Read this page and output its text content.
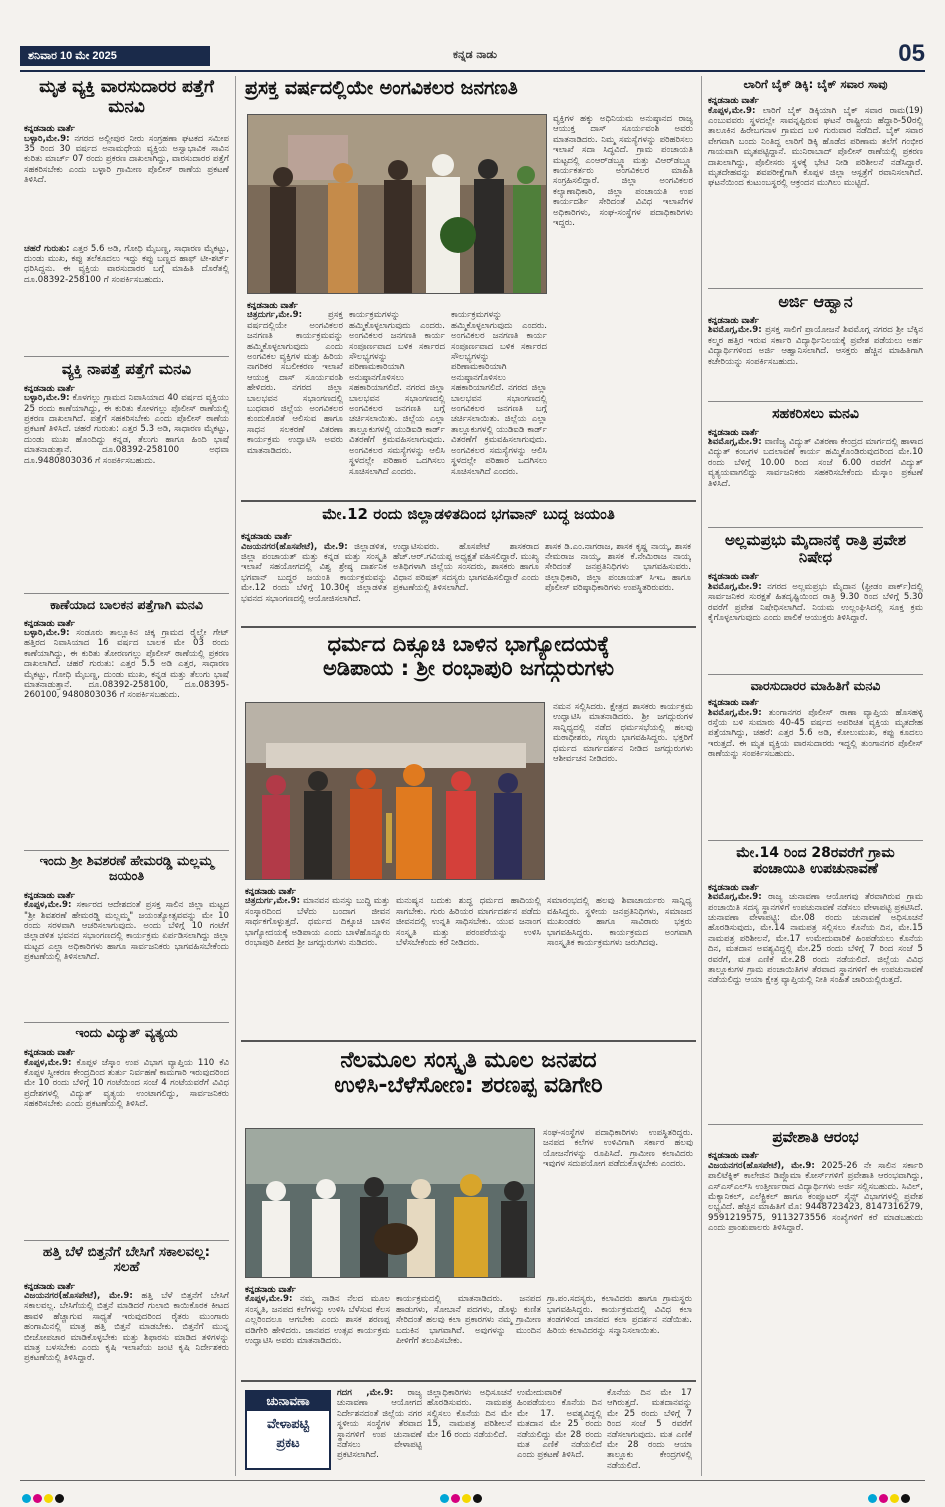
ಶನಿವಾರ 10 ಮೇ 2025	ಕನ್ನಡ ನಾಡು	05
ಮೃತ ವ್ಯಕ್ತಿ ವಾರಸುದಾರರ ಪತ್ತೆಗೆ ಮನವಿ
ಕನ್ನಡನಾಡು ವಾರ್ತೆ
ಬಳ್ಳಾರಿ,ಮೇ.9: ನಗರದ ಅಲ್ಲೀಪುರ ನೀರು ಸಂಗ್ರಹಣಾ ಘಟಕದ ಸಮೀಪ 35 ರಿಂದ 30 ವರ್ಷದ ಅನಾಮಧೇಯ ವ್ಯಕ್ತಿಯ ಅಸ್ವಾಭಾವಿಕ ಸಾವಿನ ಕುರಿತು ಮಾರ್ಚ್ 07 ರಂದು ಪ್ರಕರಣ ದಾಖಲಾಗಿದ್ದು, ವಾರಸುದಾರರ ಪತ್ತೆಗೆ ಸಹಕರಿಸಬೇಕು ಎಂದು ಬಳ್ಳಾರಿ ಗ್ರಾಮೀಣ ಪೊಲೀಸ್ ಠಾಣೆಯ ಪ್ರಕಟಣೆ ತಿಳಿಸಿದೆ.
ಚಹರೆ ಗುರುತು: ಎತ್ತರ 5.6 ಅಡಿ, ಗೋಧಿ ಮೈಬಣ್ಣ, ಸಾಧಾರಣ ಮೈಕಟ್ಟು, ದುಂಡು ಮುಖ, ಕಪ್ಪು ತಲೆಕೂದಲು ಇದ್ದು ಕಪ್ಪು ಬಣ್ಣದ ಹಾಫ್ ಟೀ-ಶರ್ಟ್ ಧರಿಸಿದ್ದನು. ಈ ವ್ಯಕ್ತಿಯ ವಾರಸುದಾರರ ಬಗ್ಗೆ ಮಾಹಿತಿ ದೊರೆತಲ್ಲಿ ದೂ.08392-258100 ಗೆ ಸಂಪರ್ಕಿಸಬಹುದು.
ವ್ಯಕ್ತಿ ನಾಪತ್ತೆ ಪತ್ತೆಗೆ ಮನವಿ
ಕನ್ನಡನಾಡು ವಾರ್ತೆ
ಬಳ್ಳಾರಿ,ಮೇ.9: ಕೊಳಗಲ್ಲು ಗ್ರಾಮದ ನಿವಾಸಿಯಾದ 40 ವರ್ಷದ ವ್ಯಕ್ತಿಯು 25 ರಂದು ಕಾಣೆಯಾಗಿದ್ದು, ಈ ಕುರಿತು ಕೋಳಗಲ್ಲು ಪೊಲೀಸ್ ಠಾಣೆಯಲ್ಲಿ ಪ್ರಕರಣ ದಾಖಲಾಗಿದೆ. ಪತ್ತೆಗೆ ಸಹಕರಿಸಬೇಕು ಎಂದು ಪೊಲೀಸ್ ಠಾಣೆಯ ಪ್ರಕಟಣೆ ತಿಳಿಸಿದೆ. ಚಹರೆ ಗುರುತು: ಎತ್ತರ 5.3 ಅಡಿ, ಸಾಧಾರಣ ಮೈಕಟ್ಟು, ದುಂಡು ಮುಖ ಹೊಂದಿದ್ದು ಕನ್ನಡ, ತೆಲುಗು ಹಾಗೂ ಹಿಂದಿ ಭಾಷೆ ಮಾತನಾಡುತ್ತಾನೆ. ದೂ.08392-258100 ಅಥವಾ ದೂ.9480803036 ಗೆ ಸಂಪರ್ಕಿಸಬಹುದು.
ಕಾಣೆಯಾದ ಬಾಲಕನ ಪತ್ತೆಗಾಗಿ ಮನವಿ
ಕನ್ನಡನಾಡು ವಾರ್ತೆ
ಬಳ್ಳಾರಿ,ಮೇ.9: ಸಂಡೂರು ತಾಲ್ಲೂಕಿನ ಚಿಕ್ಕ ಗ್ರಾಮದ ರೈಲ್ವೇ ಗೇಟ್ ಹತ್ತಿರದ ನಿವಾಸಿಯಾದ 16 ವರ್ಷದ ಬಾಲಕ ಮೇ 03 ರಂದು ಕಾಣೆಯಾಗಿದ್ದು, ಈ ಕುರಿತು ತೋರಣಗಲ್ಲು ಪೊಲೀಸ್ ಠಾಣೆಯಲ್ಲಿ ಪ್ರಕರಣ ದಾಖಲಾಗಿದೆ. ಚಹರೆ ಗುರುತು: ಎತ್ತರ 5.5 ಅಡಿ ಎತ್ತರ, ಸಾಧಾರಣ ಮೈಕಟ್ಟು, ಗೋಧಿ ಮೈಬಣ್ಣ, ದುಂಡು ಮುಖ, ಕನ್ನಡ ಮತ್ತು ತೆಲುಗು ಭಾಷೆ ಮಾತನಾಡುತ್ತಾನೆ. ದೂ.08392-258100, ದೂ.08395-260100, 9480803036 ಗೆ ಸಂಪರ್ಕಿಸಬಹುದು.
ಇಂದು ಶ್ರೀ ಶಿವಶರಣೆ ಹೇಮರಡ್ಡಿ ಮಲ್ಲಮ್ಮ ಜಯಂತಿ
ಕನ್ನಡನಾಡು ವಾರ್ತೆ
ಕೊಪ್ಪಳ,ಮೇ.9: ಸರ್ಕಾರದ ಆದೇಶದಂತೆ ಪ್ರಸಕ್ತ ಸಾಲಿನ ಜಿಲ್ಲಾ ಮಟ್ಟದ "ಶ್ರೀ ಶಿವಶರಣೆ ಹೇಮರಡ್ಡಿ ಮಲ್ಲಮ್ಮ" ಜಯಂತ್ಯೋತ್ಸವವನ್ನು ಮೇ 10 ರಂದು ಸರಳವಾಗಿ ಆಚರಿಸಲಾಗುವುದು. ಅಂದು ಬೆಳಿಗ್ಗೆ 10 ಗಂಟೆಗೆ ಜಿಲ್ಲಾಡಳಿತ ಭವನದ ಸಭಾಂಗಣದಲ್ಲಿ ಕಾರ್ಯಕ್ರಮ ಏರ್ಪಡಿಸಲಾಗಿದ್ದು ಜಿಲ್ಲಾ ಮಟ್ಟದ ಎಲ್ಲಾ ಅಧಿಕಾರಿಗಳು ಹಾಗೂ ಸಾರ್ವಜನಿಕರು ಭಾಗವಹಿಸಬೇಕೆಂದು ಪ್ರಕಟಣೆಯಲ್ಲಿ ತಿಳಿಸಲಾಗಿದೆ.
ಇಂದು ವಿದ್ಯುತ್ ವ್ಯತ್ಯಯ
ಕನ್ನಡನಾಡು ವಾರ್ತೆ
ಕೊಪ್ಪಳ,ಮೇ.9: ಕೊಪ್ಪಳ ಜೆಸ್ಕಾಂ ಉಪ ವಿಭಾಗ ವ್ಯಾಪ್ತಿಯ 110 ಕೆವಿ ಕೊಪ್ಪಳ ಸ್ವೀಕರಣ ಕೇಂದ್ರದಿಂದ ತುರ್ತು ನಿರ್ವಹಣೆ ಕಾಮಗಾರಿ ಇರುವುದರಿಂದ ಮೇ 10 ರಂದು ಬೆಳಿಗ್ಗೆ 10 ಗಂಟೆಯಿಂದ ಸಂಜೆ 4 ಗಂಟೆಯವರೆಗೆ ವಿವಿಧ ಪ್ರದೇಶಗಳಲ್ಲಿ ವಿದ್ಯುತ್ ವ್ಯತ್ಯಯ ಉಂಟಾಗಲಿದ್ದು, ಸಾರ್ವಜನಿಕರು ಸಹಕರಿಸಬೇಕು ಎಂದು ಪ್ರಕಟಣೆಯಲ್ಲಿ ತಿಳಿಸಿದೆ.
ಹತ್ತಿ ಬೆಳೆ ಬಿತ್ತನೆಗೆ ಬೇಸಿಗೆ ಸಕಾಲವಲ್ಲ: ಸಲಹೆ
ಕನ್ನಡನಾಡು ವಾರ್ತೆ
ವಿಜಯನಗರ(ಹೊಸಪೇಟೆ), ಮೇ.9: ಹತ್ತಿ ಬೆಳೆ ಬಿತ್ತನೆಗೆ ಬೇಸಿಗೆ ಸಕಾಲವಲ್ಲ. ಬೇಸಿಗೆಯಲ್ಲಿ ಬಿತ್ತನೆ ಮಾಡಿದರೆ ಗುಲಾಬಿ ಕಾಯಿಕೊರಕ ಕೀಟದ ಹಾವಳಿ ಹೆಚ್ಚಾಗುವ ಸಾಧ್ಯತೆ ಇರುವುದರಿಂದ ರೈತರು ಮುಂಗಾರು ಹಂಗಾಮಿನಲ್ಲಿ ಮಾತ್ರ ಹತ್ತಿ ಬಿತ್ತನೆ ಮಾಡಬೇಕು. ಬಿತ್ತನೆಗೆ ಮುನ್ನ ಬೀಜೋಪಚಾರ ಮಾಡಿಕೊಳ್ಳಬೇಕು ಮತ್ತು ಶಿಫಾರಸು ಮಾಡಿದ ತಳಿಗಳನ್ನು ಮಾತ್ರ ಬಳಸಬೇಕು ಎಂದು ಕೃಷಿ ಇಲಾಖೆಯ ಜಂಟಿ ಕೃಷಿ ನಿರ್ದೇಶಕರು ಪ್ರಕಟಣೆಯಲ್ಲಿ ತಿಳಿಸಿದ್ದಾರೆ.
ಪ್ರಸಕ್ತ ವರ್ಷದಲ್ಲಿಯೇ ಅಂಗವಿಕಲರ ಜನಗಣತಿ
ವ್ಯಕ್ತಿಗಳ ಹಕ್ಕು ಅಧಿನಿಯಮ ಅನುಷ್ಠಾನದ ರಾಜ್ಯ ಆಯುಕ್ತ ದಾಸ್ ಸೂರ್ಯವಂಶಿ ಅವರು ಮಾತನಾಡಿದರು. ನಿಮ್ಮ ಸಮಸ್ಯೆಗಳನ್ನು ಪರಿಹರಿಸಲು ಇಲಾಖೆ ಸದಾ ಸಿದ್ಧವಿದೆ. ಗ್ರಾಮ ಪಂಚಾಯತಿ ಮಟ್ಟದಲ್ಲಿ ಎಂಆರ್‌ಡಬ್ಲ್ಯೂ ಮತ್ತು ವಿಆರ್‌ಡಬ್ಲ್ಯೂ ಕಾರ್ಯಕರ್ತರು ಅಂಗವಿಕಲರ ಮಾಹಿತಿ ಸಂಗ್ರಹಿಸಲಿದ್ದಾರೆ. ಜಿಲ್ಲಾ ಅಂಗವಿಕಲರ ಕಲ್ಯಾಣಾಧಿಕಾರಿ, ಜಿಲ್ಲಾ ಪಂಚಾಯತಿ ಉಪ ಕಾರ್ಯದರ್ಶಿ ಸೇರಿದಂತೆ ವಿವಿಧ ಇಲಾಖೆಗಳ ಅಧಿಕಾರಿಗಳು, ಸಂಘ-ಸಂಸ್ಥೆಗಳ ಪದಾಧಿಕಾರಿಗಳು ಇದ್ದರು.
ಕನ್ನಡನಾಡು ವಾರ್ತೆ
ಚಿತ್ರದುರ್ಗ,ಮೇ.9:	ಪ್ರಸಕ್ತ ವರ್ಷದಲ್ಲಿಯೇ ಅಂಗವಿಕಲರ ಜನಗಣತಿ ಕಾರ್ಯಕ್ರಮವನ್ನು ಹಮ್ಮಿಕೊಳ್ಳಲಾಗುವುದು ಎಂದು ಅಂಗವಿಕಲ ವ್ಯಕ್ತಿಗಳ ಮತ್ತು ಹಿರಿಯ ನಾಗರಿಕರ ಸಬಲೀಕರಣ ಇಲಾಖೆ ಆಯುಕ್ತ ದಾಸ್ ಸೂರ್ಯವಂಶಿ ಹೇಳಿದರು. ನಗರದ ಜಿಲ್ಲಾ ಬಾಲಭವನ ಸಭಾಂಗಣದಲ್ಲಿ ಬುಧವಾರ ಜಿಲ್ಲೆಯ ಅಂಗವಿಕಲರ ಕುಂದುಕೊರತೆ ಆಲಿಸುವ ಹಾಗೂ ಸಾಧನ ಸಲಕರಣೆ ವಿತರಣಾ ಕಾರ್ಯಕ್ರಮ ಉದ್ಘಾಟಿಸಿ ಅವರು ಮಾತನಾಡಿದರು.
ಕಾರ್ಯಕ್ರಮಗಳನ್ನು ಹಮ್ಮಿಕೊಳ್ಳಲಾಗುವುದು ಎಂದರು. ಅಂಗವಿಕಲರ ಜನಗಣತಿ ಕಾರ್ಯ ಸಂಪೂರ್ಣವಾದ ಬಳಿಕ ಸರ್ಕಾರದ ಸೌಲಭ್ಯಗಳನ್ನು ಪರಿಣಾಮಕಾರಿಯಾಗಿ ಅನುಷ್ಠಾನಗೊಳಿಸಲು ಸಹಕಾರಿಯಾಗಲಿದೆ. ನಗರದ ಜಿಲ್ಲಾ ಬಾಲಭವನ ಸಭಾಂಗಣದಲ್ಲಿ ಅಂಗವಿಕಲರ ಜನಗಣತಿ ಬಗ್ಗೆ ಚರ್ಚಿಸಲಾಯಿತು. ಜಿಲ್ಲೆಯ ಎಲ್ಲಾ ತಾಲ್ಲೂಕುಗಳಲ್ಲಿ ಯುಡಿಐಡಿ ಕಾರ್ಡ್ ವಿತರಣೆಗೆ ಕ್ರಮವಹಿಸಲಾಗುವುದು. ಅಂಗವಿಕಲರ ಸಮಸ್ಯೆಗಳನ್ನು ಆಲಿಸಿ ಸ್ಥಳದಲ್ಲೇ ಪರಿಹಾರ ಒದಗಿಸಲು ಸೂಚಿಸಲಾಗಿದೆ ಎಂದರು.
ಕಾರ್ಯಕ್ರಮಗಳನ್ನು ಹಮ್ಮಿಕೊಳ್ಳಲಾಗುವುದು ಎಂದರು. ಅಂಗವಿಕಲರ ಜನಗಣತಿ ಕಾರ್ಯ ಸಂಪೂರ್ಣವಾದ ಬಳಿಕ ಸರ್ಕಾರದ ಸೌಲಭ್ಯಗಳನ್ನು ಪರಿಣಾಮಕಾರಿಯಾಗಿ ಅನುಷ್ಠಾನಗೊಳಿಸಲು ಸಹಕಾರಿಯಾಗಲಿದೆ. ನಗರದ ಜಿಲ್ಲಾ ಬಾಲಭವನ ಸಭಾಂಗಣದಲ್ಲಿ ಅಂಗವಿಕಲರ ಜನಗಣತಿ ಬಗ್ಗೆ ಚರ್ಚಿಸಲಾಯಿತು. ಜಿಲ್ಲೆಯ ಎಲ್ಲಾ ತಾಲ್ಲೂಕುಗಳಲ್ಲಿ ಯುಡಿಐಡಿ ಕಾರ್ಡ್ ವಿತರಣೆಗೆ ಕ್ರಮವಹಿಸಲಾಗುವುದು. ಅಂಗವಿಕಲರ ಸಮಸ್ಯೆಗಳನ್ನು ಆಲಿಸಿ ಸ್ಥಳದಲ್ಲೇ ಪರಿಹಾರ ಒದಗಿಸಲು ಸೂಚಿಸಲಾಗಿದೆ ಎಂದರು.
ಮೇ.12 ರಂದು ಜಿಲ್ಲಾಡಳಿತದಿಂದ ಭಗವಾನ್ ಬುದ್ಧ ಜಯಂತಿ
ಕನ್ನಡನಾಡು ವಾರ್ತೆ
ವಿಜಯನಗರ(ಹೊಸಪೇಟೆ), ಮೇ.9: ಜಿಲ್ಲಾಡಳಿತ, ಜಿಲ್ಲಾ ಪಂಚಾಯತ್ ಮತ್ತು ಕನ್ನಡ ಮತ್ತು ಸಂಸ್ಕೃತಿ ಇಲಾಖೆ ಸಹಯೋಗದಲ್ಲಿ ವಿಶ್ವ ಶ್ರೇಷ್ಠ ದಾರ್ಶನಿಕ ಭಗವಾನ್ ಬುದ್ಧರ ಜಯಂತಿ ಕಾರ್ಯಕ್ರಮವನ್ನು ಮೇ.12 ರಂದು ಬೆಳಿಗ್ಗೆ 10.30ಕ್ಕೆ ಜಿಲ್ಲಾಡಳಿತ ಭವನದ ಸಭಾಂಗಣದಲ್ಲಿ ಆಯೋಜಿಸಲಾಗಿದೆ.
ಉದ್ಘಾಟಿಸುವರು. ಹೊಸಪೇಟೆ ಶಾಸಕರಾದ ಹೆಚ್.ಆರ್.ಗವಿಯಪ್ಪ ಅಧ್ಯಕ್ಷತೆ ವಹಿಸಲಿದ್ದಾರೆ. ಮುಖ್ಯ ಅತಿಥಿಗಳಾಗಿ ಜಿಲ್ಲೆಯ ಸಂಸದರು, ಶಾಸಕರು ಹಾಗೂ ವಿಧಾನ ಪರಿಷತ್ ಸದಸ್ಯರು ಭಾಗವಹಿಸಲಿದ್ದಾರೆ ಎಂದು ಪ್ರಕಟಣೆಯಲ್ಲಿ ತಿಳಿಸಲಾಗಿದೆ.
ಶಾಸಕ ಡಿ.ಎಂ.ನಾಗರಾಜ, ಶಾಸಕ ಕೃಷ್ಣ ನಾಯ್ಕ, ಶಾಸಕ ನೇಮರಾಜ ನಾಯ್ಕ, ಶಾಸಕ ಕೆ.ನೇಮಿರಾಜ ನಾಯ್ಕ ಸೇರಿದಂತೆ ಜನಪ್ರತಿನಿಧಿಗಳು ಭಾಗವಹಿಸುವರು. ಜಿಲ್ಲಾಧಿಕಾರಿ, ಜಿಲ್ಲಾ ಪಂಚಾಯತ್ ಸಿಇಒ ಹಾಗೂ ಪೊಲೀಸ್ ವರಿಷ್ಠಾಧಿಕಾರಿಗಳು ಉಪಸ್ಥಿತರಿರುವರು.
ಧರ್ಮದ ದಿಕ್ಸೂಚಿ ಬಾಳಿನ ಭಾಗ್ಯೋದಯಕ್ಕೆ
ಅಡಿಪಾಯ : ಶ್ರೀ ರಂಭಾಪುರಿ ಜಗದ್ಗುರುಗಳು
ನಮನ ಸಲ್ಲಿಸಿದರು. ಕ್ಷೇತ್ರದ ಶಾಸಕರು ಕಾರ್ಯಕ್ರಮ ಉದ್ಘಾಟಿಸಿ ಮಾತನಾಡಿದರು. ಶ್ರೀ ಜಗದ್ಗುರುಗಳ ಸಾನ್ನಿಧ್ಯದಲ್ಲಿ ನಡೆದ ಧರ್ಮಸಭೆಯಲ್ಲಿ ಹಲವು ಮಠಾಧೀಶರು, ಗಣ್ಯರು ಭಾಗವಹಿಸಿದ್ದರು. ಭಕ್ತರಿಗೆ ಧರ್ಮದ ಮಾರ್ಗದರ್ಶನ ನೀಡಿದ ಜಗದ್ಗುರುಗಳು ಆಶೀರ್ವಚನ ನೀಡಿದರು.
ಕನ್ನಡನಾಡು ವಾರ್ತೆ
ಚಿತ್ರದುರ್ಗ,ಮೇ.9: ಮಾನವನ ಮನಸ್ಸು ಬುದ್ಧಿ ಮತ್ತು ಸಂಸ್ಕಾರದಿಂದ ಬೆಳೆದು ಬಂದಾಗ ಜೀವನ ಸಾರ್ಥಕಗೊಳ್ಳುತ್ತದೆ. ಧರ್ಮದ ದಿಕ್ಸೂಚಿ ಬಾಳಿನ ಭಾಗ್ಯೋದಯಕ್ಕೆ ಅಡಿಪಾಯ ಎಂದು ಬಾಳೆಹೊನ್ನೂರು ರಂಭಾಪುರಿ ಪೀಠದ ಶ್ರೀ ಜಗದ್ಗುರುಗಳು ನುಡಿದರು.
ಮನುಷ್ಯನ ಬದುಕು ಶುದ್ಧ ಧರ್ಮದ ಹಾದಿಯಲ್ಲಿ ಸಾಗಬೇಕು. ಗುರು ಹಿರಿಯರ ಮಾರ್ಗದರ್ಶನ ಪಡೆದು ಜೀವನದಲ್ಲಿ ಉನ್ನತಿ ಸಾಧಿಸಬೇಕು. ಯುವ ಜನಾಂಗ ಸಂಸ್ಕೃತಿ ಮತ್ತು ಪರಂಪರೆಯನ್ನು ಉಳಿಸಿ ಬೆಳೆಸಬೇಕೆಂದು ಕರೆ ನೀಡಿದರು.
ಸಮಾರಂಭದಲ್ಲಿ ಹಲವು ಶಿವಾಚಾರ್ಯರು ಸಾನ್ನಿಧ್ಯ ವಹಿಸಿದ್ದರು. ಸ್ಥಳೀಯ ಜನಪ್ರತಿನಿಧಿಗಳು, ಸಮಾಜದ ಮುಖಂಡರು ಹಾಗೂ ಸಾವಿರಾರು ಭಕ್ತರು ಭಾಗವಹಿಸಿದ್ದರು. ಕಾರ್ಯಕ್ರಮದ ಅಂಗವಾಗಿ ಸಾಂಸ್ಕೃತಿಕ ಕಾರ್ಯಕ್ರಮಗಳು ಜರುಗಿದವು.
ನೆಲಮೂಲ ಸಂಸ್ಕೃತಿ ಮೂಲ ಜನಪದ
ಉಳಿಸಿ-ಬೆಳೆಸೋಣ: ಶರಣಪ್ಪ ವಡಿಗೇರಿ
ಸಂಘ-ಸಂಸ್ಥೆಗಳ ಪದಾಧಿಕಾರಿಗಳು ಉಪಸ್ಥಿತರಿದ್ದರು. ಜನಪದ ಕಲೆಗಳ ಉಳಿವಿಗಾಗಿ ಸರ್ಕಾರ ಹಲವು ಯೋಜನೆಗಳನ್ನು ರೂಪಿಸಿದೆ. ಗ್ರಾಮೀಣ ಕಲಾವಿದರು ಇವುಗಳ ಸದುಪಯೋಗ ಪಡೆದುಕೊಳ್ಳಬೇಕು ಎಂದರು.
ಕನ್ನಡನಾಡು ವಾರ್ತೆ
ಕೊಪ್ಪಳ,ಮೇ.9: ನಮ್ಮ ನಾಡಿನ ನೆಲದ ಮೂಲ ಸಂಸ್ಕೃತಿ, ಜನಪದ ಕಲೆಗಳನ್ನು ಉಳಿಸಿ ಬೆಳೆಸುವ ಕೆಲಸ ಎಲ್ಲರಿಂದಲೂ ಆಗಬೇಕು ಎಂದು ಶಾಸಕ ಶರಣಪ್ಪ ವಡಿಗೇರಿ ಹೇಳಿದರು. ಜಾನಪದ ಉತ್ಸವ ಕಾರ್ಯಕ್ರಮ ಉದ್ಘಾಟಿಸಿ ಅವರು ಮಾತನಾಡಿದರು.
ಕಾರ್ಯಕ್ರಮದಲ್ಲಿ ಮಾತನಾಡಿದರು. ಜನಪದ ಹಾಡುಗಳು, ಸೋಬಾನೆ ಪದಗಳು, ಡೊಳ್ಳು ಕುಣಿತ ಸೇರಿದಂತೆ ಹಲವು ಕಲಾ ಪ್ರಕಾರಗಳು ನಮ್ಮ ಗ್ರಾಮೀಣ ಬದುಕಿನ ಭಾಗವಾಗಿವೆ. ಅವುಗಳನ್ನು ಮುಂದಿನ ಪೀಳಿಗೆಗೆ ತಲುಪಿಸಬೇಕು.
ಗ್ರಾ.ಪಂ.ಸದಸ್ಯರು, ಕಲಾವಿದರು ಹಾಗೂ ಗ್ರಾಮಸ್ಥರು ಭಾಗವಹಿಸಿದ್ದರು. ಕಾರ್ಯಕ್ರಮದಲ್ಲಿ ವಿವಿಧ ಕಲಾ ತಂಡಗಳಿಂದ ಜಾನಪದ ಕಲಾ ಪ್ರದರ್ಶನ ನಡೆಯಿತು. ಹಿರಿಯ ಕಲಾವಿದರನ್ನು ಸನ್ಮಾನಿಸಲಾಯಿತು.
ಚುನಾವಣಾ
ವೇಳಾಪಟ್ಟಿ
ಪ್ರಕಟ
ಗದಗ ,ಮೇ.9: ರಾಜ್ಯ ಚುನಾವಣಾ ಆಯೋಗದ ನಿರ್ದೇಶನದಂತೆ ಜಿಲ್ಲೆಯ ನಗರ ಸ್ಥಳೀಯ ಸಂಸ್ಥೆಗಳ ತೆರವಾದ ಸ್ಥಾನಗಳಿಗೆ ಉಪ ಚುನಾವಣೆ ನಡೆಸಲು ವೇಳಾಪಟ್ಟಿ ಪ್ರಕಟಿಸಲಾಗಿದೆ.
ಜಿಲ್ಲಾಧಿಕಾರಿಗಳು ಅಧಿಸೂಚನೆ ಹೊರಡಿಸುವರು. ನಾಮಪತ್ರ ಸಲ್ಲಿಸಲು ಕೊನೆಯ ದಿನ ಮೇ 15, ನಾಮಪತ್ರ ಪರಿಶೀಲನೆ ಮೇ 16 ರಂದು ನಡೆಯಲಿದೆ.
ಉಮೇದುವಾರಿಕೆ ಹಿಂಪಡೆಯಲು ಕೊನೆಯ ದಿನ ಮೇ 17. ಅವಶ್ಯವಿದ್ದಲ್ಲಿ ಮತದಾನ ಮೇ 25 ರಂದು ನಡೆಯಲಿದ್ದು ಮೇ 28 ರಂದು ಮತ ಎಣಿಕೆ ನಡೆಯಲಿದೆ ಎಂದು ಪ್ರಕಟಣೆ ತಿಳಿಸಿದೆ.
ಕೊನೆಯ ದಿನ ಮೇ 17 ಆಗಿರುತ್ತದೆ. ಮತದಾನವನ್ನು ಮೇ 25 ರಂದು ಬೆಳಿಗ್ಗೆ 7 ರಿಂದ ಸಂಜೆ 5 ರವರೆಗೆ ನಡೆಸಲಾಗುವುದು. ಮತ ಎಣಿಕೆ ಮೇ 28 ರಂದು ಆಯಾ ತಾಲ್ಲೂಕು ಕೇಂದ್ರಗಳಲ್ಲಿ ನಡೆಯಲಿದೆ.
ಲಾರಿಗೆ ಬೈಕ್ ಡಿಕ್ಕಿ: ಬೈಕ್ ಸವಾರ ಸಾವು
ಕನ್ನಡನಾಡು ವಾರ್ತೆ
ಕೊಪ್ಪಳ,ಮೇ.9: ಲಾರಿಗೆ ಬೈಕ್ ಡಿಕ್ಕಿಯಾಗಿ ಬೈಕ್ ಸವಾರ ರಾಮ(19) ಎಂಬುವವರು ಸ್ಥಳದಲ್ಲೇ ಸಾವನ್ನಪ್ಪಿರುವ ಘಟನೆ ರಾಷ್ಟ್ರೀಯ ಹೆದ್ದಾರಿ-50ರಲ್ಲಿ ತಾಲೂಕಿನ ಹಿರೇಬಗನಾಳ ಗ್ರಾಮದ ಬಳಿ ಗುರುವಾರ ನಡೆದಿದೆ. ಬೈಕ್ ಸವಾರ ವೇಗವಾಗಿ ಬಂದು ನಿಂತಿದ್ದ ಲಾರಿಗೆ ಡಿಕ್ಕಿ ಹೊಡೆದ ಪರಿಣಾಮ ತಲೆಗೆ ಗಂಭೀರ ಗಾಯವಾಗಿ ಮೃತಪಟ್ಟಿದ್ದಾನೆ. ಮುನಿರಾಬಾದ್ ಪೊಲೀಸ್ ಠಾಣೆಯಲ್ಲಿ ಪ್ರಕರಣ ದಾಖಲಾಗಿದ್ದು, ಪೊಲೀಸರು ಸ್ಥಳಕ್ಕೆ ಭೇಟಿ ನೀಡಿ ಪರಿಶೀಲನೆ ನಡೆಸಿದ್ದಾರೆ. ಮೃತದೇಹವನ್ನು ಶವಪರೀಕ್ಷೆಗಾಗಿ ಕೊಪ್ಪಳ ಜಿಲ್ಲಾ ಆಸ್ಪತ್ರೆಗೆ ರವಾನಿಸಲಾಗಿದೆ. ಘಟನೆಯಿಂದ ಕುಟುಂಬಸ್ಥರಲ್ಲಿ ಆಕ್ರಂದನ ಮುಗಿಲು ಮುಟ್ಟಿದೆ.
ಅರ್ಜಿ ಆಹ್ವಾನ
ಕನ್ನಡನಾಡು ವಾರ್ತೆ
ಶಿವಮೊಗ್ಗ,ಮೇ.9: ಪ್ರಸಕ್ತ ಸಾಲಿಗೆ ಪ್ರಾಯೋಜನೆ ಶಿವಮೊಗ್ಗ ನಗರದ ಶ್ರೀ ಬೆಕ್ಕಿನ ಕಲ್ಮಠ ಹತ್ತಿರ ಇರುವ ಸರ್ಕಾರಿ ವಿದ್ಯಾರ್ಥಿನಿಲಯಕ್ಕೆ ಪ್ರವೇಶ ಪಡೆಯಲು ಅರ್ಹ ವಿದ್ಯಾರ್ಥಿಗಳಿಂದ ಅರ್ಜಿ ಆಹ್ವಾನಿಸಲಾಗಿದೆ. ಆಸಕ್ತರು ಹೆಚ್ಚಿನ ಮಾಹಿತಿಗಾಗಿ ಕಚೇರಿಯನ್ನು ಸಂಪರ್ಕಿಸಬಹುದು.
ಸಹಕರಿಸಲು ಮನವಿ
ಕನ್ನಡನಾಡು ವಾರ್ತೆ
ಶಿವಮೊಗ್ಗ,ಮೇ.9: ವಾಣಿಜ್ಯ ವಿದ್ಯುತ್ ವಿತರಣಾ ಕೇಂದ್ರದ ಮಾರ್ಗದಲ್ಲಿ ಹಾಳಾದ ವಿದ್ಯುತ್ ಕಂಬಗಳ ಬದಲಾವಣೆ ಕಾರ್ಯ ಹಮ್ಮಿಕೊಂಡಿರುವುದರಿಂದ ಮೇ.10 ರಂದು ಬೆಳಿಗ್ಗೆ 10.00 ರಿಂದ ಸಂಜೆ 6.00 ರವರೆಗೆ ವಿದ್ಯುತ್ ವ್ಯತ್ಯಯವಾಗಲಿದ್ದು ಸಾರ್ವಜನಿಕರು ಸಹಕರಿಸಬೇಕೆಂದು ಮೆಸ್ಕಾಂ ಪ್ರಕಟಣೆ ತಿಳಿಸಿದೆ.
ಅಲ್ಲಮಪ್ರಭು ಮೈದಾನಕ್ಕೆ ರಾತ್ರಿ ಪ್ರವೇಶ ನಿಷೇಧ
ಕನ್ನಡನಾಡು ವಾರ್ತೆ
ಶಿವಮೊಗ್ಗ,ಮೇ.9: ನಗರದ ಅಲ್ಲಮಪ್ರಭು ಮೈದಾನ (ಫ್ರೀಡಂ ಪಾರ್ಕ್)ದಲ್ಲಿ ಸಾರ್ವಜನಿಕರ ಸುರಕ್ಷತೆ ಹಿತದೃಷ್ಟಿಯಿಂದ ರಾತ್ರಿ 9.30 ರಿಂದ ಬೆಳಿಗ್ಗೆ 5.30 ರವರೆಗೆ ಪ್ರವೇಶ ನಿಷೇಧಿಸಲಾಗಿದೆ. ನಿಯಮ ಉಲ್ಲಂಘಿಸಿದಲ್ಲಿ ಸೂಕ್ತ ಕ್ರಮ ಕೈಗೊಳ್ಳಲಾಗುವುದು ಎಂದು ಪಾಲಿಕೆ ಆಯುಕ್ತರು ತಿಳಿಸಿದ್ದಾರೆ.
ವಾರಸುದಾರರ ಮಾಹಿತಿಗೆ ಮನವಿ
ಕನ್ನಡನಾಡು ವಾರ್ತೆ
ಶಿವಮೊಗ್ಗ,ಮೇ.9: ತುಂಗಾನಗರ ಪೊಲೀಸ್ ಠಾಣಾ ವ್ಯಾಪ್ತಿಯ ಹೊಸಹಳ್ಳಿ ರಸ್ತೆಯ ಬಳಿ ಸುಮಾರು 40-45 ವರ್ಷದ ಅಪರಿಚಿತ ವ್ಯಕ್ತಿಯ ಮೃತದೇಹ ಪತ್ತೆಯಾಗಿದ್ದು, ಚಹರೆ: ಎತ್ತರ 5.6 ಅಡಿ, ಕೋಲುಮುಖ, ಕಪ್ಪು ಕೂದಲು ಇರುತ್ತದೆ. ಈ ಮೃತ ವ್ಯಕ್ತಿಯ ವಾರಸುದಾರರು ಇದ್ದಲ್ಲಿ ತುಂಗಾನಗರ ಪೊಲೀಸ್ ಠಾಣೆಯನ್ನು ಸಂಪರ್ಕಿಸಬಹುದು.
ಮೇ.14 ರಿಂದ 28ರವರೆಗೆ ಗ್ರಾಮ ಪಂಚಾಯಿತಿ ಉಪಚುನಾವಣೆ
ಕನ್ನಡನಾಡು ವಾರ್ತೆ
ಶಿವಮೊಗ್ಗ,ಮೇ.9: ರಾಜ್ಯ ಚುನಾವಣಾ ಆಯೋಗವು ತೆರವಾಗಿರುವ ಗ್ರಾಮ ಪಂಚಾಯಿತಿ ಸದಸ್ಯ ಸ್ಥಾನಗಳಿಗೆ ಉಪಚುನಾವಣೆ ನಡೆಸಲು ವೇಳಾಪಟ್ಟಿ ಪ್ರಕಟಿಸಿದೆ. ಚುನಾವಣಾ ವೇಳಾಪಟ್ಟಿ: ಮೇ.08 ರಂದು ಚುನಾವಣೆ ಅಧಿಸೂಚನೆ ಹೊರಡಿಸುವುದು, ಮೇ.14 ನಾಮಪತ್ರ ಸಲ್ಲಿಸಲು ಕೊನೆಯ ದಿನ, ಮೇ.15 ನಾಮಪತ್ರ ಪರಿಶೀಲನೆ, ಮೇ.17 ಉಮೇದುವಾರಿಕೆ ಹಿಂಪಡೆಯಲು ಕೊನೆಯ ದಿನ, ಮತದಾನ ಅವಶ್ಯವಿದ್ದಲ್ಲಿ ಮೇ.25 ರಂದು ಬೆಳಿಗ್ಗೆ 7 ರಿಂದ ಸಂಜೆ 5 ರವರೆಗೆ, ಮತ ಎಣಿಕೆ ಮೇ.28 ರಂದು ನಡೆಯಲಿದೆ. ಜಿಲ್ಲೆಯ ವಿವಿಧ ತಾಲ್ಲೂಕುಗಳ ಗ್ರಾಮ ಪಂಚಾಯಿತಿಗಳ ತೆರವಾದ ಸ್ಥಾನಗಳಿಗೆ ಈ ಉಪಚುನಾವಣೆ ನಡೆಯಲಿದ್ದು ಆಯಾ ಕ್ಷೇತ್ರ ವ್ಯಾಪ್ತಿಯಲ್ಲಿ ನೀತಿ ಸಂಹಿತೆ ಜಾರಿಯಲ್ಲಿರುತ್ತದೆ.
ಪ್ರವೇಶಾತಿ ಆರಂಭ
ಕನ್ನಡನಾಡು ವಾರ್ತೆ
ವಿಜಯನಗರ(ಹೊಸಪೇಟೆ), ಮೇ.9: 2025-26 ನೇ ಸಾಲಿನ ಸರ್ಕಾರಿ ಪಾಲಿಟೆಕ್ನಿಕ್ ಕಾಲೇಜಿನ ಡಿಪ್ಲೊಮಾ ಕೋರ್ಸ್‌ಗಳಿಗೆ ಪ್ರವೇಶಾತಿ ಆರಂಭವಾಗಿದ್ದು, ಎಸ್ಎಸ್ಎಲ್‌ಸಿ ಉತ್ತೀರ್ಣರಾದ ವಿದ್ಯಾರ್ಥಿಗಳು ಅರ್ಜಿ ಸಲ್ಲಿಸಬಹುದು. ಸಿವಿಲ್, ಮೆಕ್ಯಾನಿಕಲ್, ಎಲೆಕ್ಟ್ರಿಕಲ್ ಹಾಗೂ ಕಂಪ್ಯೂಟರ್ ಸೈನ್ಸ್ ವಿಭಾಗಗಳಲ್ಲಿ ಪ್ರವೇಶ ಲಭ್ಯವಿದೆ. ಹೆಚ್ಚಿನ ಮಾಹಿತಿಗೆ ಮೊ: 9448723423, 8147316279, 9591219575, 9113273556 ಸಂಖ್ಯೆಗಳಿಗೆ ಕರೆ ಮಾಡಬಹುದು ಎಂದು ಪ್ರಾಂಶುಪಾಲರು ತಿಳಿಸಿದ್ದಾರೆ.
